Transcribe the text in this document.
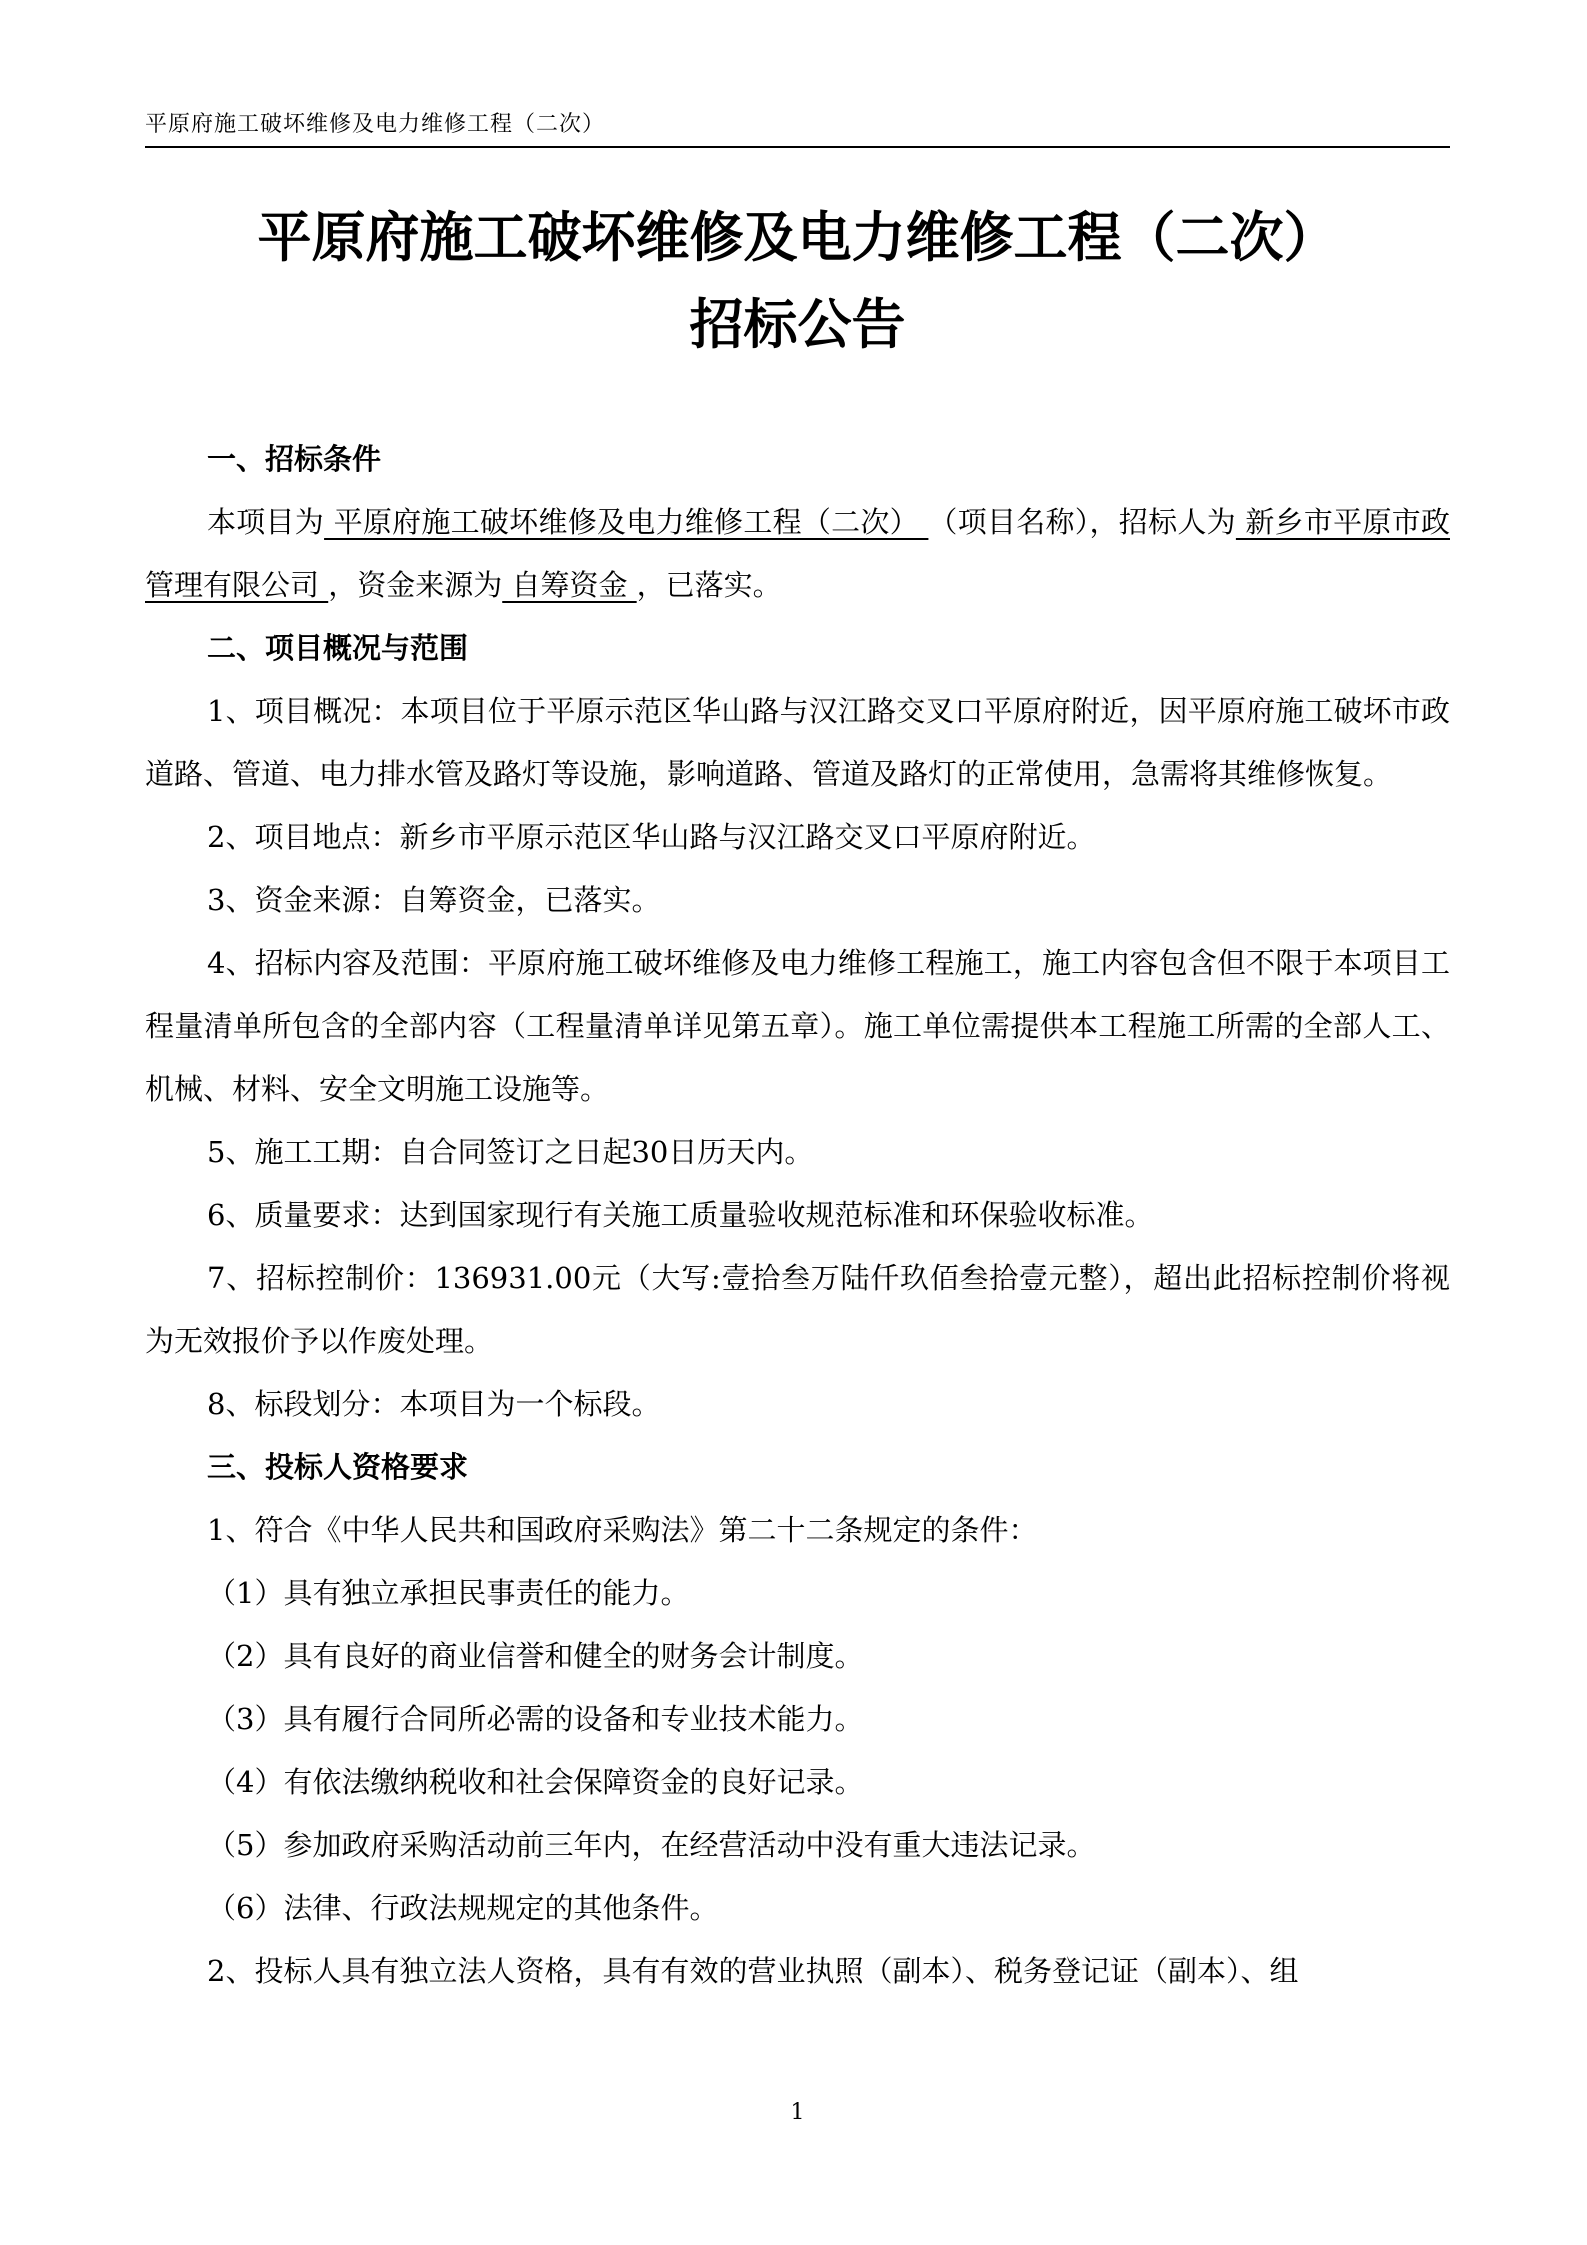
平原府施工破坏维修及电力维修工程（二次）
平原府施工破坏维修及电力维修工程（二次）
招标公告

一、招标条件

本项目为 平原府施工破坏维修及电力维修工程（二次） （项目名称），招标人为 新乡市平原市政管理有限公司 ，资金来源为 自筹资金 ，已落实。

二、项目概况与范围

1、项目概况：本项目位于平原示范区华山路与汉江路交叉口平原府附近，因平原府施工破坏市政道路、管道、电力排水管及路灯等设施，影响道路、管道及路灯的正常使用，急需将其维修恢复。

2、项目地点：新乡市平原示范区华山路与汉江路交叉口平原府附近。

3、资金来源：自筹资金，已落实。

4、招标内容及范围：平原府施工破坏维修及电力维修工程施工，施工内容包含但不限于本项目工程量清单所包含的全部内容（工程量清单详见第五章）。施工单位需提供本工程施工所需的全部人工、机械、材料、安全文明施工设施等。

5、施工工期：自合同签订之日起30日历天内。

6、质量要求：达到国家现行有关施工质量验收规范标准和环保验收标准。

7、招标控制价：136931.00元（大写:壹拾叁万陆仟玖佰叁拾壹元整），超出此招标控制价将视为无效报价予以作废处理。

8、标段划分：本项目为一个标段。

三、投标人资格要求

1、符合《中华人民共和国政府采购法》第二十二条规定的条件：

（1）具有独立承担民事责任的能力。

（2）具有良好的商业信誉和健全的财务会计制度。

（3）具有履行合同所必需的设备和专业技术能力。

（4）有依法缴纳税收和社会保障资金的良好记录。

（5）参加政府采购活动前三年内，在经营活动中没有重大违法记录。

（6）法律、行政法规规定的其他条件。

2、投标人具有独立法人资格，具有有效的营业执照（副本）、税务登记证（副本）、组

1
